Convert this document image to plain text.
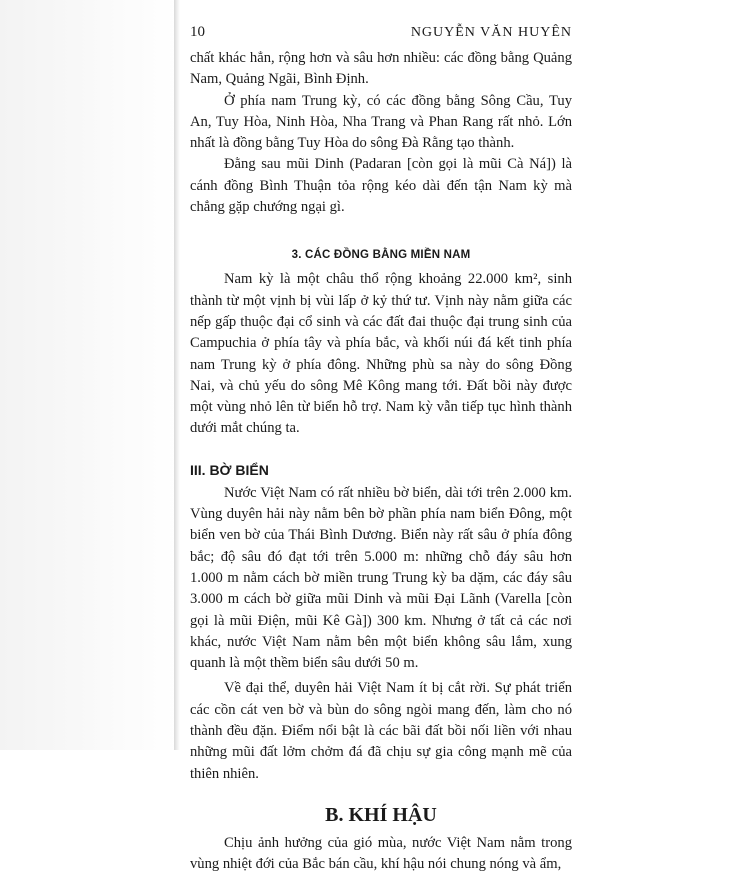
10	NGUYỄN VĂN HUYÊN

chất khác hẳn, rộng hơn và sâu hơn nhiều: các đồng bằng Quảng Nam, Quảng Ngãi, Bình Định.

Ở phía nam Trung kỳ, có các đồng bằng Sông Cầu, Tuy An, Tuy Hòa, Ninh Hòa, Nha Trang và Phan Rang rất nhỏ. Lớn nhất là đồng bằng Tuy Hòa do sông Đà Rằng tạo thành.

Đằng sau mũi Dinh (Padaran [còn gọi là mũi Cà Ná]) là cánh đồng Bình Thuận tỏa rộng kéo dài đến tận Nam kỳ mà chẳng gặp chướng ngại gì.

3. CÁC ĐỒNG BẰNG MIỀN NAM

Nam kỳ là một châu thổ rộng khoảng 22.000 km², sinh thành từ một vịnh bị vùi lấp ở kỷ thứ tư. Vịnh này nằm giữa các nếp gấp thuộc đại cổ sinh và các đất đai thuộc đại trung sinh của Campuchia ở phía tây và phía bắc, và khối núi đá kết tinh phía nam Trung kỳ ở phía đông. Những phù sa này do sông Đồng Nai, và chủ yếu do sông Mê Kông mang tới. Đất bồi này được một vùng nhỏ lên từ biển hỗ trợ. Nam kỳ vẫn tiếp tục hình thành dưới mắt chúng ta.

III. BỜ BIỂN

Nước Việt Nam có rất nhiều bờ biển, dài tới trên 2.000 km. Vùng duyên hải này nằm bên bờ phần phía nam biển Đông, một biển ven bờ của Thái Bình Dương. Biển này rất sâu ở phía đông bắc; độ sâu đó đạt tới trên 5.000 m: những chỗ đáy sâu hơn 1.000 m nằm cách bờ miền trung Trung kỳ ba dặm, các đáy sâu 3.000 m cách bờ giữa mũi Dinh và mũi Đại Lãnh (Varella [còn gọi là mũi Điện, mũi Kê Gà]) 300 km. Nhưng ở tất cả các nơi khác, nước Việt Nam nằm bên một biển không sâu lắm, xung quanh là một thềm biển sâu dưới 50 m.

Về đại thể, duyên hải Việt Nam ít bị cắt rời. Sự phát triển các cồn cát ven bờ và bùn do sông ngòi mang đến, làm cho nó thành đều đặn. Điểm nổi bật là các bãi đất bồi nối liền với nhau những mũi đất lởm chởm đá đã chịu sự gia công mạnh mẽ của thiên nhiên.

B. KHÍ HẬU

Chịu ảnh hưởng của gió mùa, nước Việt Nam nằm trong vùng nhiệt đới của Bắc bán cầu, khí hậu nói chung nóng và ẩm,
